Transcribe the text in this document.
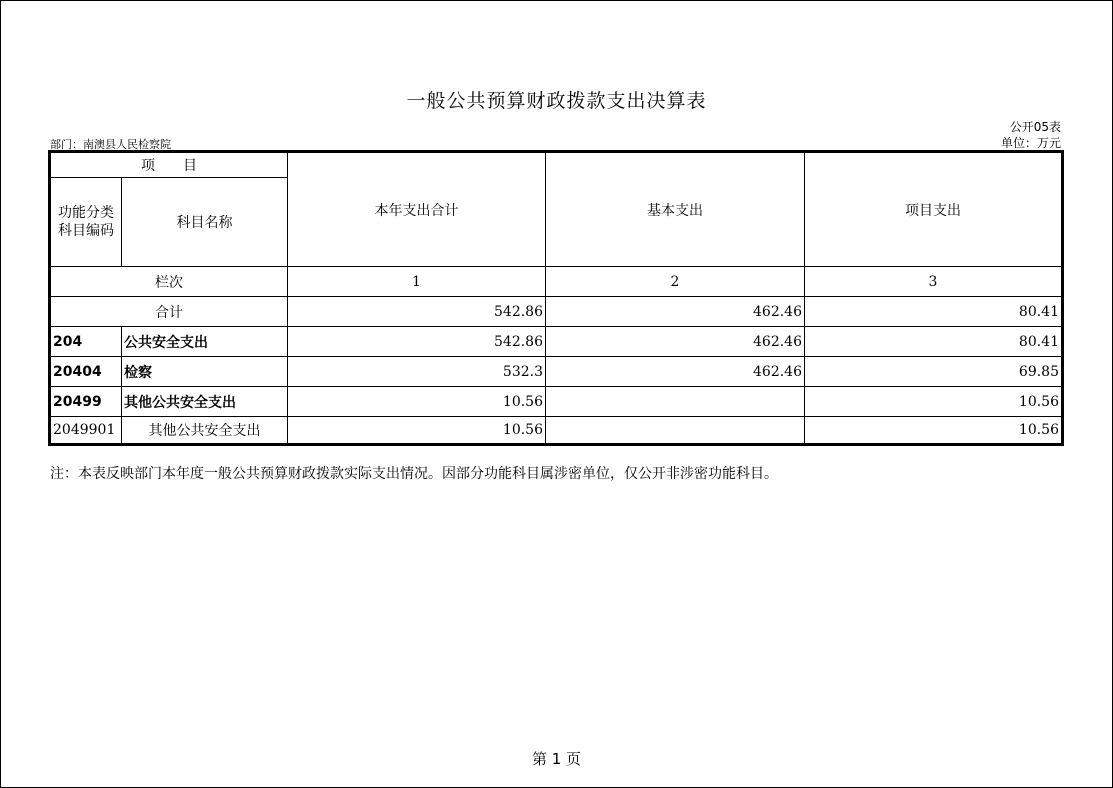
一般公共预算财政拨款支出决算表
公开05表
单位：万元
部门：南澳县人民检察院
项　　目		本年支出合计	基本支出	项目支出
功能分类科目编码	科目名称			
栏次		1	2	3
合计		542.86	462.46	80.41
204	公共安全支出	542.86	462.46	80.41
20404	检察	532.3	462.46	69.85
20499	其他公共安全支出	10.56		10.56
2049901	其他公共安全支出	10.56		10.56
注：本表反映部门本年度一般公共预算财政拨款实际支出情况。因部分功能科目属涉密单位，仅公开非涉密功能科目。
第 1 页
